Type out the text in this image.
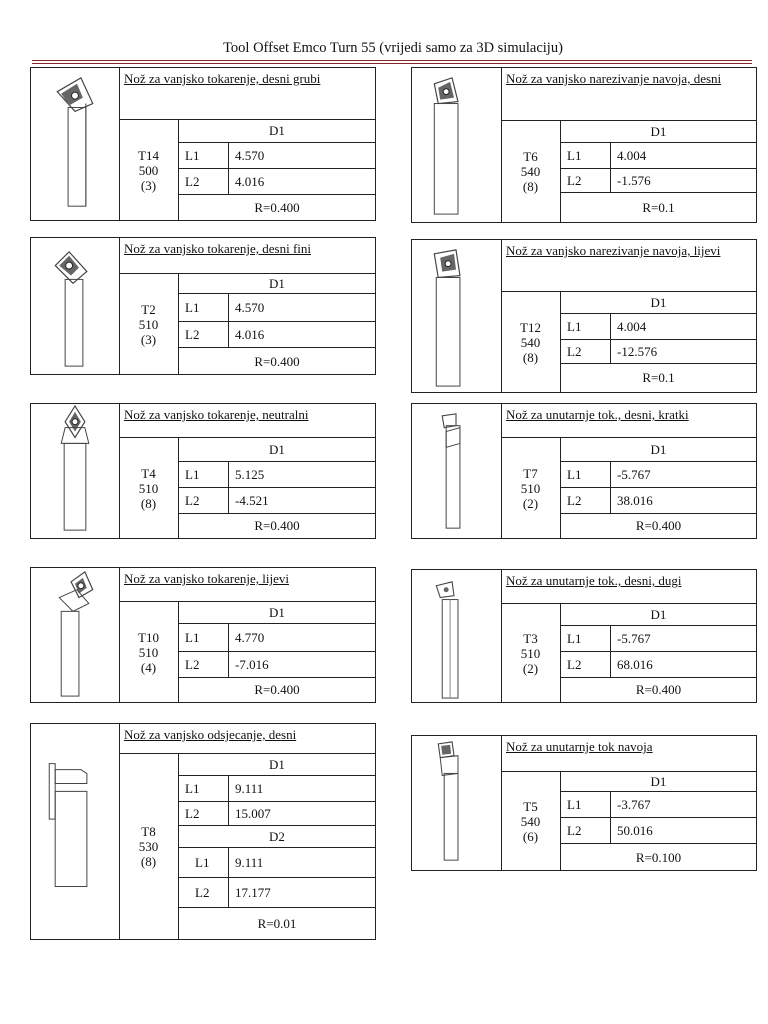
Tool Offset Emco Turn 55 (vrijedi samo za 3D simulaciju)
Nož za vanjsko tokarenje, desni grubi
T14
500
(3)
D1
L1	4.570
L2	4.016
R=0.400
Nož za vanjsko tokarenje, desni fini
T2
510
(3)
D1
L1	4.570
L2	4.016
R=0.400
Nož za vanjsko tokarenje, neutralni
T4
510
(8)
D1
L1	5.125
L2	-4.521
R=0.400
Nož za vanjsko tokarenje, lijevi
T10
510
(4)
D1
L1	4.770
L2	-7.016
R=0.400
Nož za vanjsko odsjecanje, desni
T8
530
(8)
D1
L1	9.111
L2	15.007
D2
L1	9.111
L2	17.177
R=0.01
Nož za vanjsko narezivanje navoja, desni
T6
540
(8)
D1
L1	4.004
L2	-1.576
R=0.1
Nož za vanjsko narezivanje navoja, lijevi
T12
540
(8)
D1
L1	4.004
L2	-12.576
R=0.1
Nož za unutarnje tok., desni, kratki
T7
510
(2)
D1
L1	-5.767
L2	38.016
R=0.400
Nož za unutarnje tok., desni, dugi
T3
510
(2)
D1
L1	-5.767
L2	68.016
R=0.400
Nož za unutarnje tok navoja
T5
540
(6)
D1
L1	-3.767
L2	50.016
R=0.100
